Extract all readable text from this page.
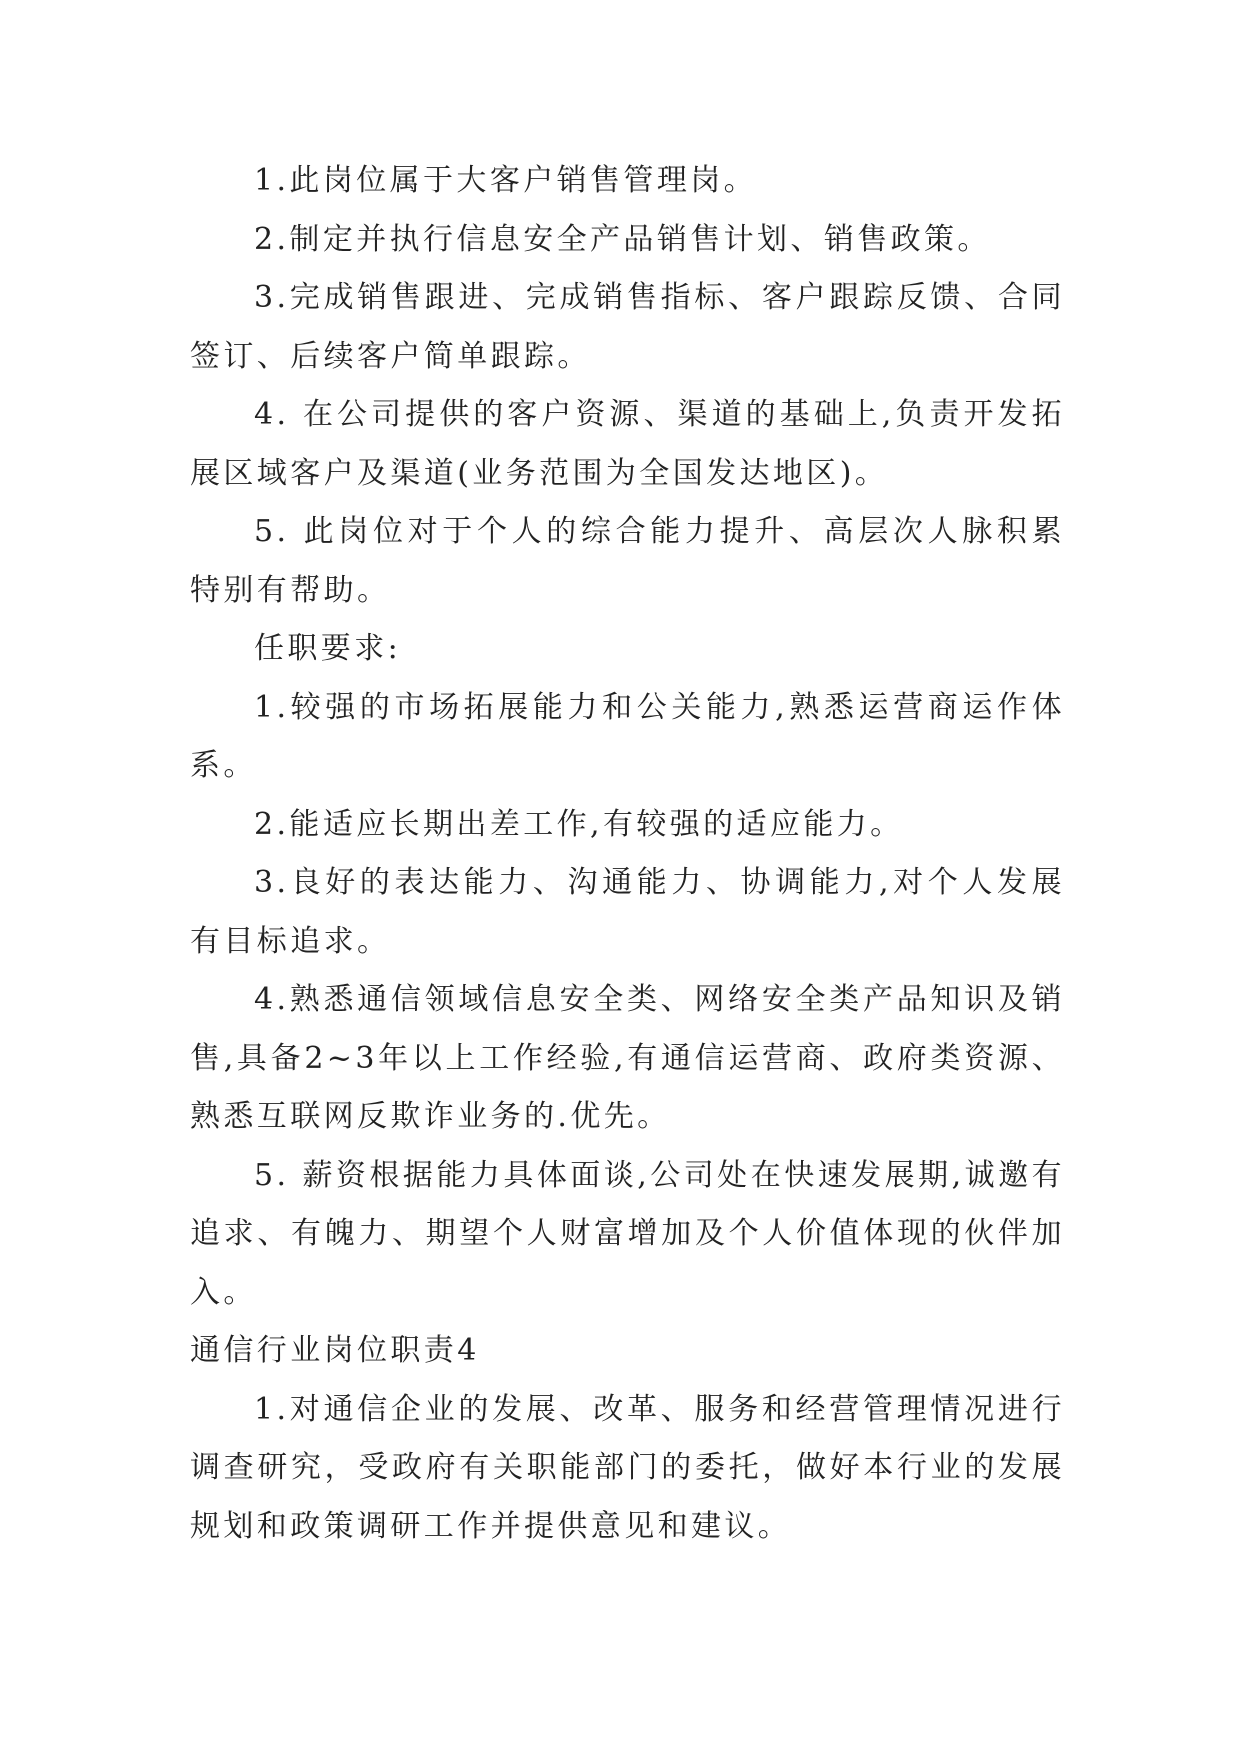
1.此岗位属于大客户销售管理岗。

2.制定并执行信息安全产品销售计划、销售政策。

3.完成销售跟进、完成销售指标、客户跟踪反馈、合同签订、后续客户简单跟踪。

4. 在公司提供的客户资源、渠道的基础上,负责开发拓展区域客户及渠道(业务范围为全国发达地区)。

5. 此岗位对于个人的综合能力提升、高层次人脉积累特别有帮助。

任职要求:

1.较强的市场拓展能力和公关能力,熟悉运营商运作体系。

2.能适应长期出差工作,有较强的适应能力。

3.良好的表达能力、沟通能力、协调能力,对个人发展有目标追求。

4.熟悉通信领域信息安全类、网络安全类产品知识及销售,具备2~3年以上工作经验,有通信运营商、政府类资源、熟悉互联网反欺诈业务的.优先。

5. 薪资根据能力具体面谈,公司处在快速发展期,诚邀有追求、有魄力、期望个人财富增加及个人价值体现的伙伴加入。

通信行业岗位职责4

1.对通信企业的发展、改革、服务和经营管理情况进行调查研究，受政府有关职能部门的委托，做好本行业的发展规划和政策调研工作并提供意见和建议。
